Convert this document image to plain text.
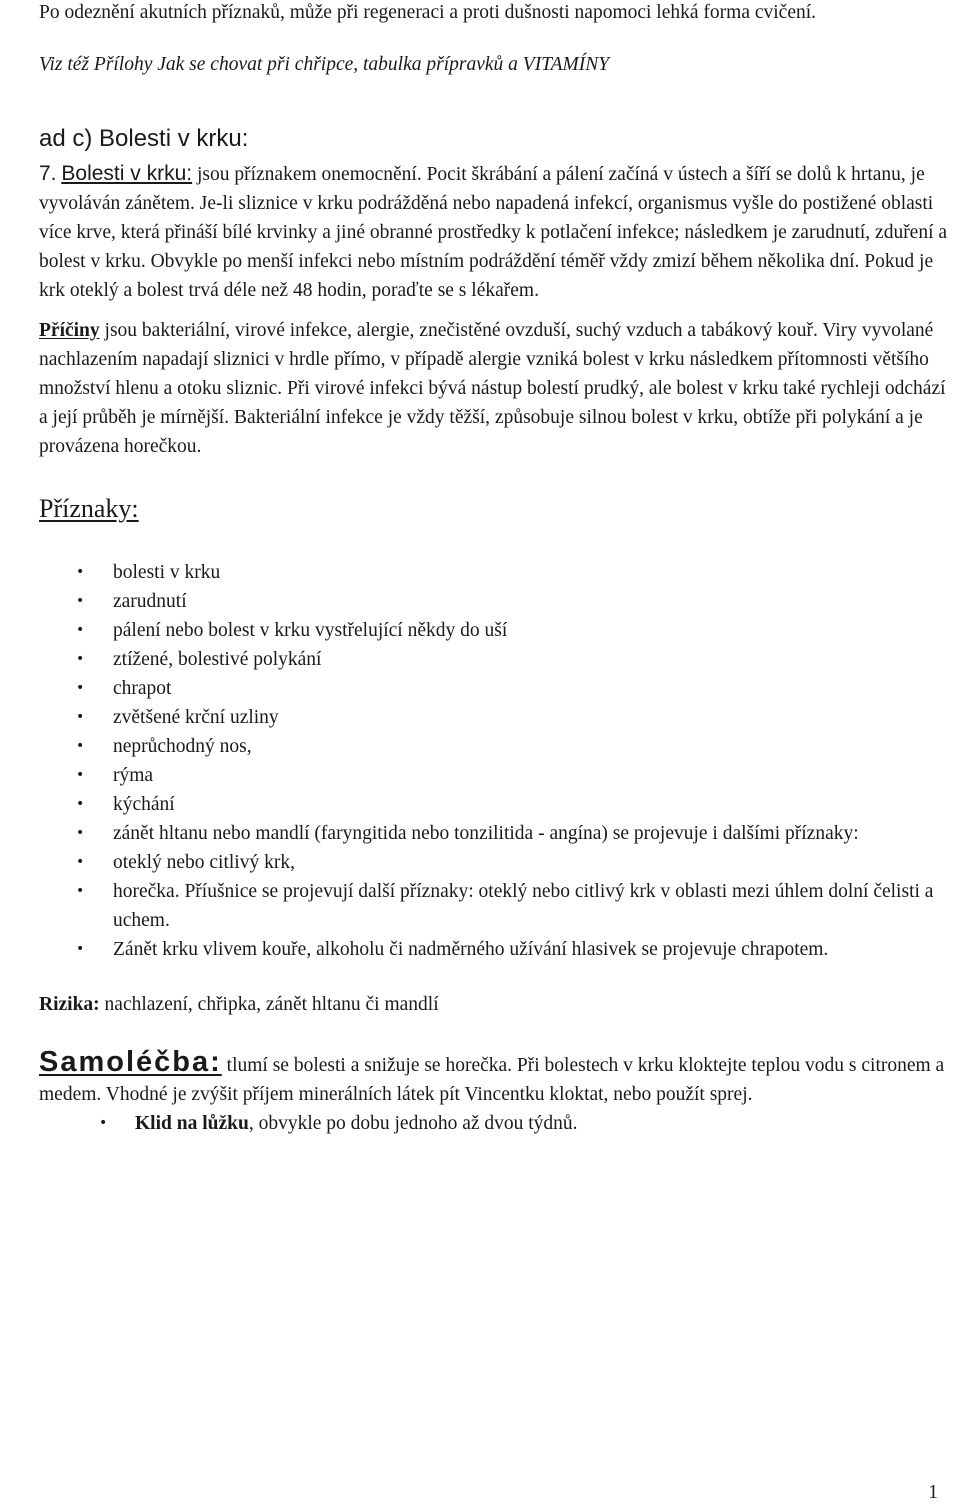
Po odeznění akutních příznaků, může při regeneraci a proti dušnosti napomoci lehká forma cvičení.

Viz též Přílohy Jak se chovat při chřipce, tabulka přípravků a VITAMÍNY

ad c) Bolesti v krku:

7. Bolesti v krku: jsou příznakem onemocnění. Pocit škrábání a pálení začíná v ústech a šíří se dolů k hrtanu, je vyvoláván zánětem. Je-li sliznice v krku podrážděná nebo napadená infekcí, organismus vyšle do postižené oblasti více krve, která přináší bílé krvinky a jiné obranné prostředky k potlačení infekce; následkem je zarudnutí, zduření a bolest v krku. Obvykle po menší infekci nebo místním podráždění téměř vždy zmizí během několika dní. Pokud je krk oteklý a bolest trvá déle než 48 hodin, poraďte se s lékařem.

Příčiny jsou bakteriální, virové infekce, alergie, znečistěné ovzduší, suchý vzduch a tabákový kouř. Viry vyvolané nachlazením napadají sliznici v hrdle přímo, v případě alergie vzniká bolest v krku následkem přítomnosti většího množství hlenu a otoku sliznic. Při virové infekci bývá nástup bolestí prudký, ale bolest v krku také rychleji odchází a její průběh je mírnější. Bakteriální infekce je vždy těžší, způsobuje silnou bolest v krku, obtíže při polykání a je provázena horečkou.

Příznaky:

• bolesti v krku
• zarudnutí
• pálení nebo bolest v krku vystřelující někdy do uší
• ztížené, bolestivé polykání
• chrapot
• zvětšené krční uzliny
• neprůchodný nos,
• rýma
• kýchání
• zánět hltanu nebo mandlí (faryngitida nebo tonzilitida - angína) se projevuje i dalšími příznaky:
• oteklý nebo citlivý krk,
• horečka. Příušnice se projevují další příznaky: oteklý nebo citlivý krk v oblasti mezi úhlem dolní čelisti a uchem.
• Zánět krku vlivem kouře, alkoholu či nadměrného užívání hlasivek se projevuje chrapotem.

Rizika: nachlazení, chřipka, zánět hltanu či mandlí

Samoléčba: tlumí se bolesti a snižuje se horečka. Při bolestech v krku kloktejte teplou vodu s citronem a medem. Vhodné je zvýšit příjem minerálních látek pít Vincentku kloktat, nebo použít sprej.

• Klid na lůžku, obvykle po dobu jednoho až dvou týdnů.
1
